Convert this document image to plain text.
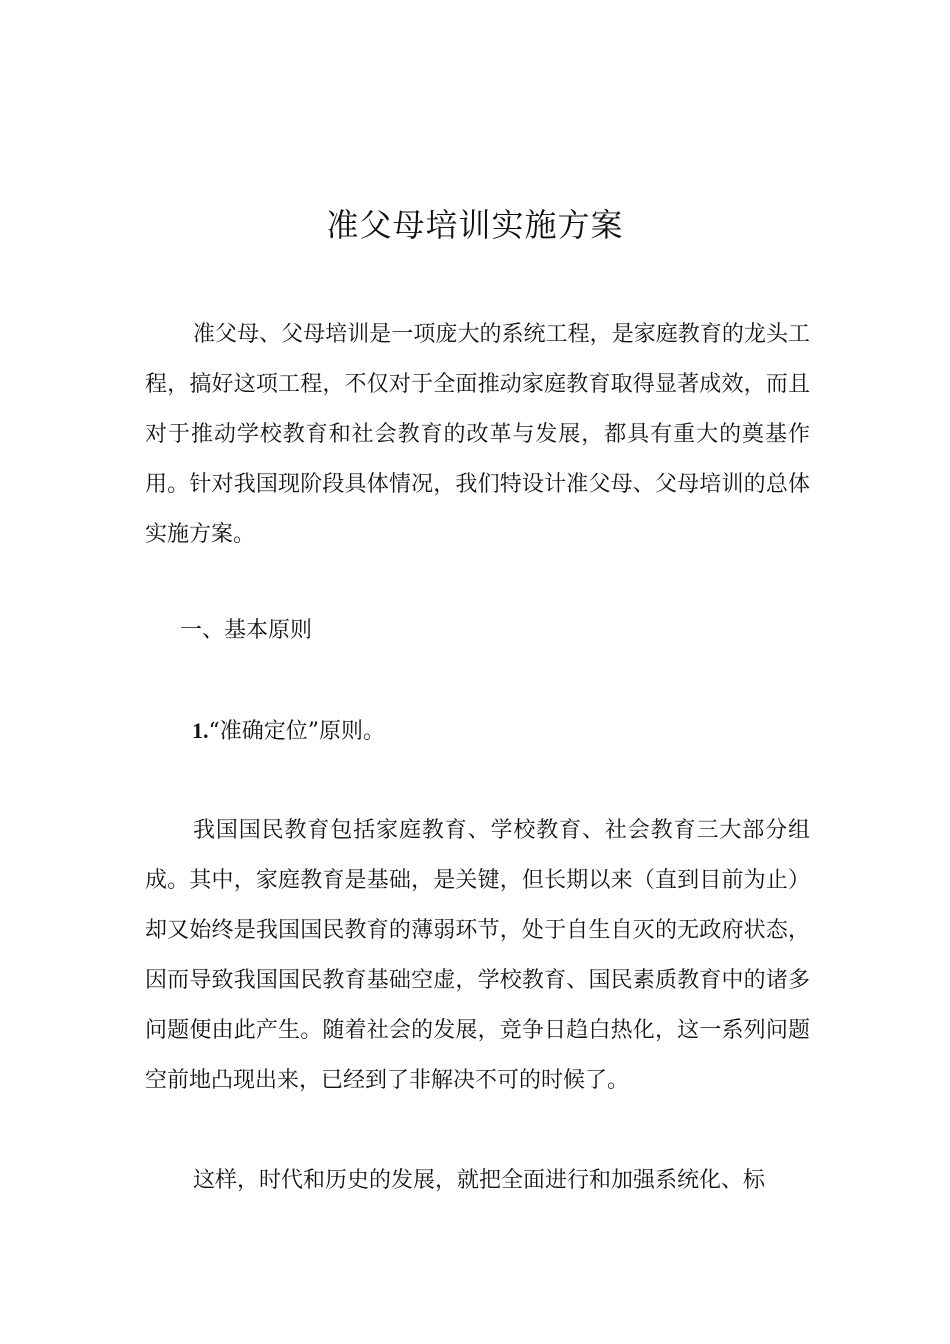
准父母培训实施方案

准父母、父母培训是一项庞大的系统工程，是家庭教育的龙头工程，搞好这项工程，不仅对于全面推动家庭教育取得显著成效，而且对于推动学校教育和社会教育的改革与发展，都具有重大的奠基作用。针对我国现阶段具体情况，我们特设计准父母、父母培训的总体实施方案。

一、基本原则

1.“准确定位”原则。

我国国民教育包括家庭教育、学校教育、社会教育三大部分组成。其中，家庭教育是基础，是关键，但长期以来（直到目前为止）却又始终是我国国民教育的薄弱环节，处于自生自灭的无政府状态，因而导致我国国民教育基础空虚，学校教育、国民素质教育中的诸多问题便由此产生。随着社会的发展，竞争日趋白热化，这一系列问题空前地凸现出来，已经到了非解决不可的时候了。

这样，时代和历史的发展，就把全面进行和加强系统化、标
